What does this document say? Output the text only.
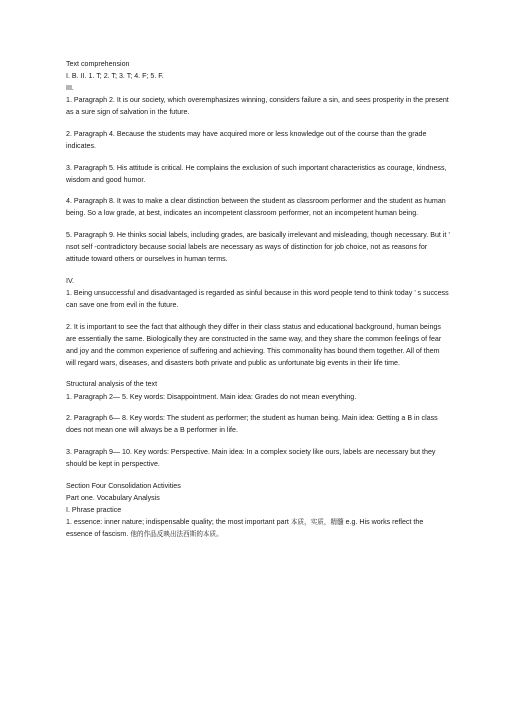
Text comprehension

I. B. II. 1. T; 2. T; 3. T; 4. F; 5. F.

III.

1. Paragraph 2. It is our society, which overemphasizes winning, considers failure a sin, and sees prosperity in the present as a sure sign of salvation in the future.

2. Paragraph 4. Because the students may have acquired more or less knowledge out of the course than the grade indicates.

3. Paragraph 5. His attitude is critical. He complains the exclusion of such important characteristics as courage, kindness, wisdom and good humor.

4. Paragraph 8. It was to make a clear distinction between the student as classroom performer and the student as human being. So a low grade, at best, indicates an incompetent classroom performer, not an incompetent human being.

5. Paragraph 9. He thinks social labels, including grades, are basically irrelevant and misleading, though necessary. But it ’ nsot self -contradictory because social labels are necessary as ways of distinction for job choice, not as reasons for attitude toward others or ourselves in human terms.

IV.

1. Being unsuccessful and disadvantaged is regarded as sinful because in this word people tend to think today ’ s success can save one from evil in the future.

2. It is important to see the fact that although they differ in their class status and educational background, human beings are essentially the same. Biologically they are constructed in the same way, and they share the common feelings of fear and joy and the common experience of suffering and achieving. This commonality has bound them together. All of them will regard wars, diseases, and disasters both private and public as unfortunate big events in their life time.

Structural analysis of the text

1. Paragraph 2— 5. Key words: Disappointment. Main idea: Grades do not mean everything.

2. Paragraph 6— 8. Key words: The student as performer; the student as human being. Main idea: Getting a B in class does not mean one will always be a B performer in life.

3. Paragraph 9— 10. Key words: Perspective. Main idea: In a complex society like ours, labels are necessary but they should be kept in perspective.

Section Four Consolidation Activities

Part one. Vocabulary Analysis

I. Phrase practice

1. essence: inner nature; indispensable quality; the most important part 本质，实质，精髓 e.g. His works reflect the essence of fascism. 他的作品反映出法西斯的本质。
